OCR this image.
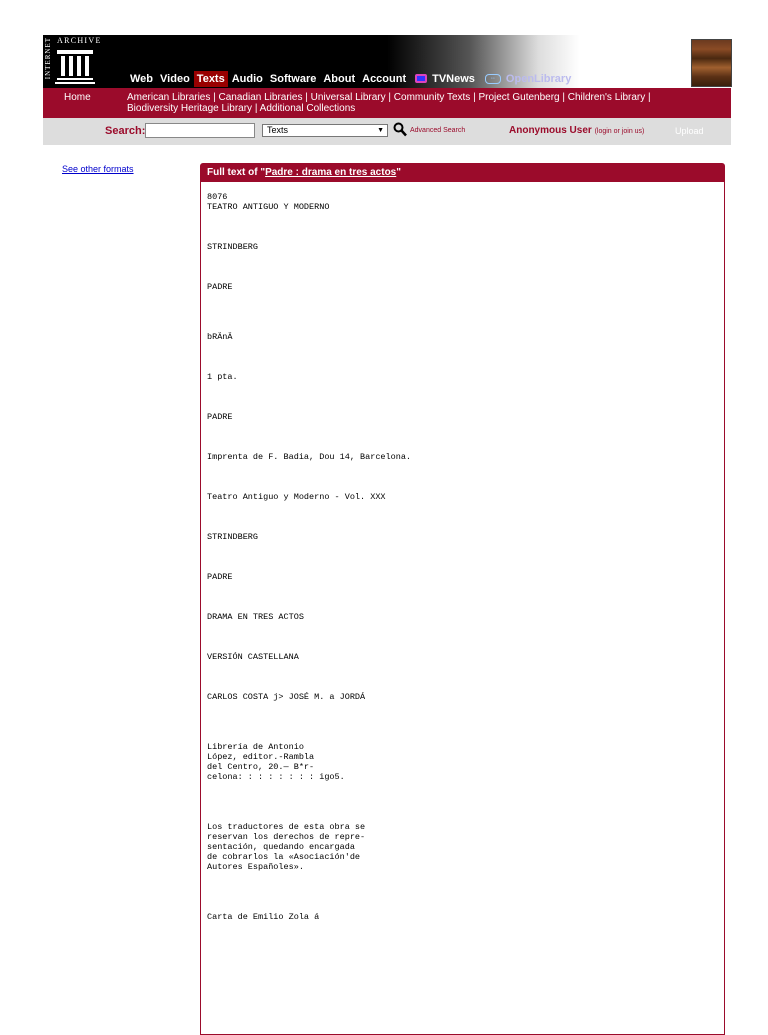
INTERNET ARCHIVE
Web Video Texts Audio Software About Account TVNews	◦◦ OpenLibrary
Home	American Libraries | Canadian Libraries | Universal Library | Community Texts | Project Gutenberg | Children's Library | Biodiversity Heritage Library | Additional Collections
Search:	Texts	▼	Advanced Search	Anonymous User (login or join us)	Upload
See other formats	Full text of "Padre : drama en tres actos"
8076
TEATRO ANTIGUO Y MODERNO

STRINDBERG

PADRE

bRÄnÄ

1 pta.

PADRE

Imprenta de F. Badia, Dou 14, Barcelona.

Teatro Antiguo y Moderno - Vol. XXX

STRINDBERG

PADRE

DRAMA EN TRES ACTOS

VERSIÓN CASTELLANA

CARLOS COSTA j> JOSÉ M. a JORDÁ

Librería de Antonio
López, editor.-Rambla
del Centro, 20.— B*r-
celona: : : : : : : : igo5.

Los traductores de esta obra se
reservan los derechos de repre-
sentación, quedando encargada
de cobrarlos la «Asociación'de
Autores Españoles».

Carta de Emilio Zola á
